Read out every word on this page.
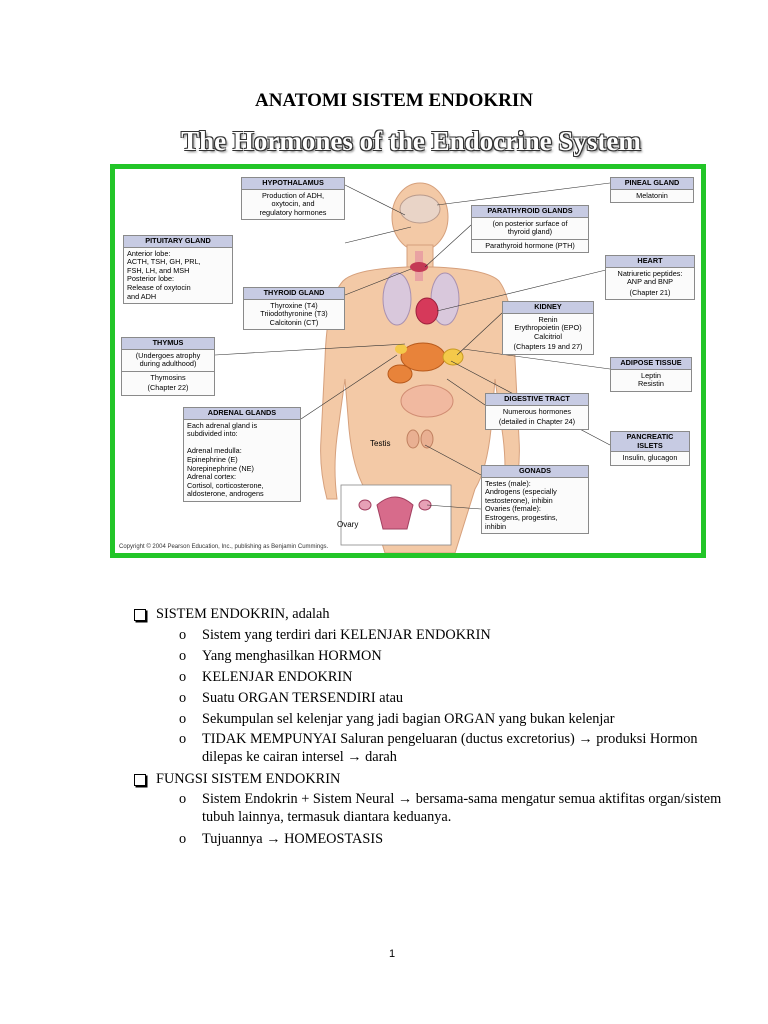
ANATOMI SISTEM ENDOKRIN
The Hormones of the Endocrine System
Testis
Ovary
HYPOTHALAMUS
Production of ADH,
oxytocin, and
regulatory hormones
PITUITARY GLAND
Anterior lobe:
ACTH, TSH, GH, PRL,
FSH, LH, and MSH
Posterior lobe:
Release of oxytocin
and ADH	THYROID GLAND
Thyroxine (T4)
Triiodothyronine (T3)
Calcitonin (CT)
THYMUS
(Undergoes atrophy
during adulthood)
Thymosins
(Chapter 22)
ADRENAL GLANDS
Each adrenal gland is
subdivided into:

Adrenal medulla:
Epinephrine (E)
Norepinephrine (NE)
Adrenal cortex:
Cortisol, corticosterone,
aldosterone, androgens
PINEAL GLAND
Melatonin
PARATHYROID GLANDS
(on posterior surface of
thyroid gland)
Parathyroid hormone (PTH)
HEART
Natriuretic peptides:
ANP and BNP
(Chapter 21)
KIDNEY
Renin
Erythropoietin (EPO)
Calcitriol
(Chapters 19 and 27)
ADIPOSE TISSUE
Leptin
Resistin
DIGESTIVE TRACT
Numerous hormones
(detailed in Chapter 24)
PANCREATIC
ISLETS
Insulin, glucagon
GONADS
Testes (male):
Androgens (especially
testosterone), inhibin
Ovaries (female):
Estrogens, progestins,
inhibin
Copyright © 2004 Pearson Education, Inc., publishing as Benjamin Cummings.
SISTEM ENDOKRIN, adalah
o Sistem yang terdiri dari KELENJAR ENDOKRIN
o Yang menghasilkan HORMON
o KELENJAR ENDOKRIN
o Suatu ORGAN TERSENDIRI atau
o Sekumpulan sel kelenjar yang jadi bagian ORGAN yang bukan kelenjar
o TIDAK MEMPUNYAI Saluran pengeluaran (ductus excretorius) → produksi Hormon dilepas ke cairan intersel → darah
FUNGSI SISTEM ENDOKRIN
o Sistem Endokrin + Sistem Neural → bersama-sama mengatur semua aktifitas organ/sistem tubuh lainnya, termasuk diantara keduanya.
o Tujuannya → HOMEOSTASIS
1
